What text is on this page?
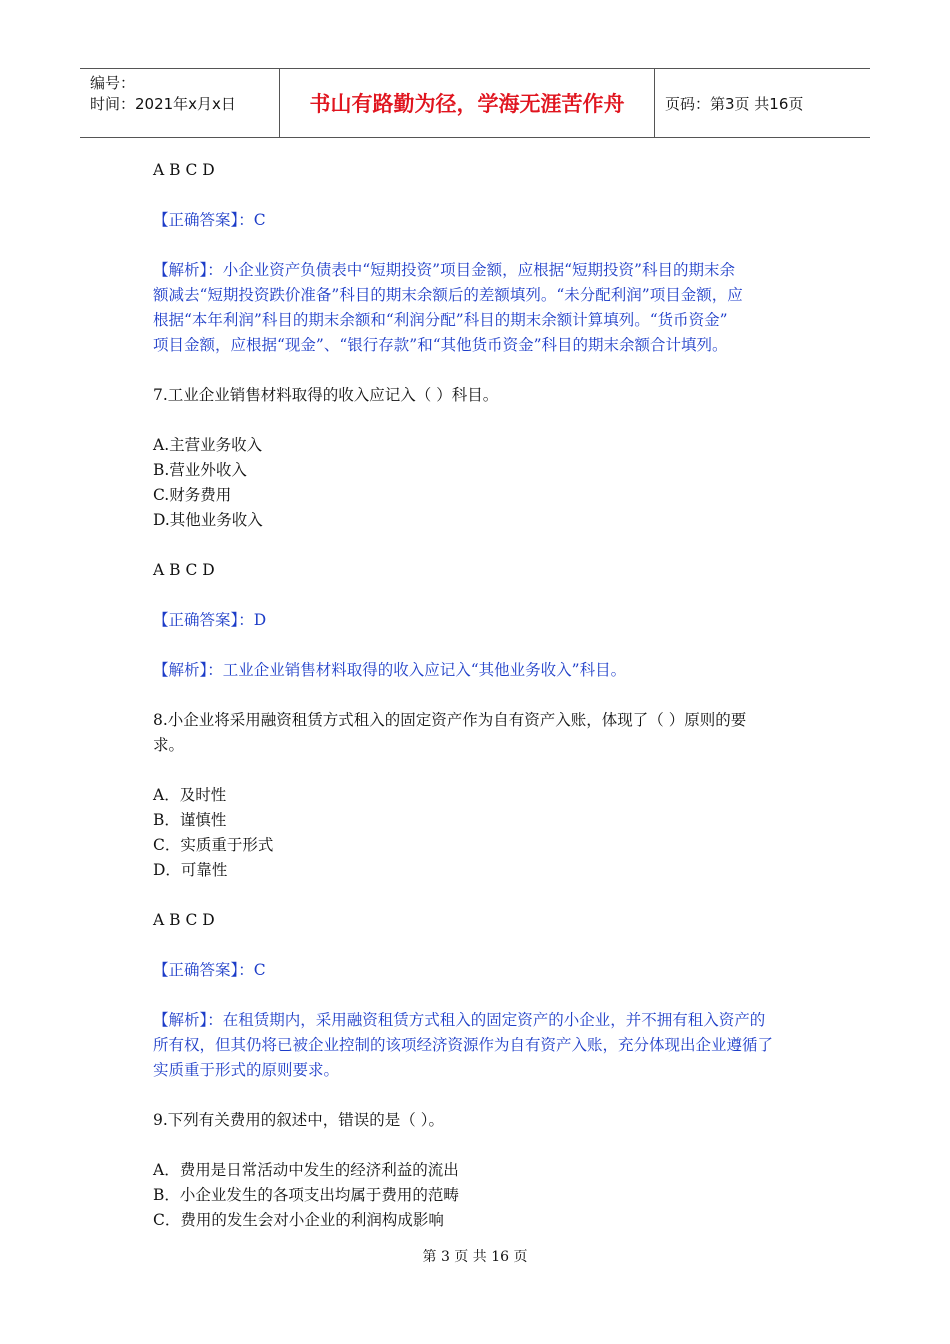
编号：
时间：2021年x月x日	书山有路勤为径，学海无涯苦作舟	页码：第3页 共16页
A B C D
【正确答案】：C
【解析】：小企业资产负债表中“短期投资”项目金额，应根据“短期投资”科目的期末余
额减去“短期投资跌价准备”科目的期末余额后的差额填列。“未分配利润”项目金额，应
根据“本年利润”科目的期末余额和“利润分配”科目的期末余额计算填列。“货币资金”
项目金额，应根据“现金”、“银行存款”和“其他货币资金”科目的期末余额合计填列。
7.工业企业销售材料取得的收入应记入（ ）科目。
A.主营业务收入
B.营业外收入
C.财务费用
D.其他业务收入
A B C D
【正确答案】：D
【解析】：工业企业销售材料取得的收入应记入“其他业务收入”科目。
8.小企业将采用融资租赁方式租入的固定资产作为自有资产入账，体现了（ ）原则的要
求。
A．及时性
B．谨慎性
C．实质重于形式
D．可靠性
A B C D
【正确答案】：C
【解析】：在租赁期内，采用融资租赁方式租入的固定资产的小企业，并不拥有租入资产的
所有权，但其仍将已被企业控制的该项经济资源作为自有资产入账，充分体现出企业遵循了
实质重于形式的原则要求。
9.下列有关费用的叙述中，错误的是（ ）。
A．费用是日常活动中发生的经济利益的流出
B．小企业发生的各项支出均属于费用的范畴
C．费用的发生会对小企业的利润构成影响
第 3 页 共 16 页
